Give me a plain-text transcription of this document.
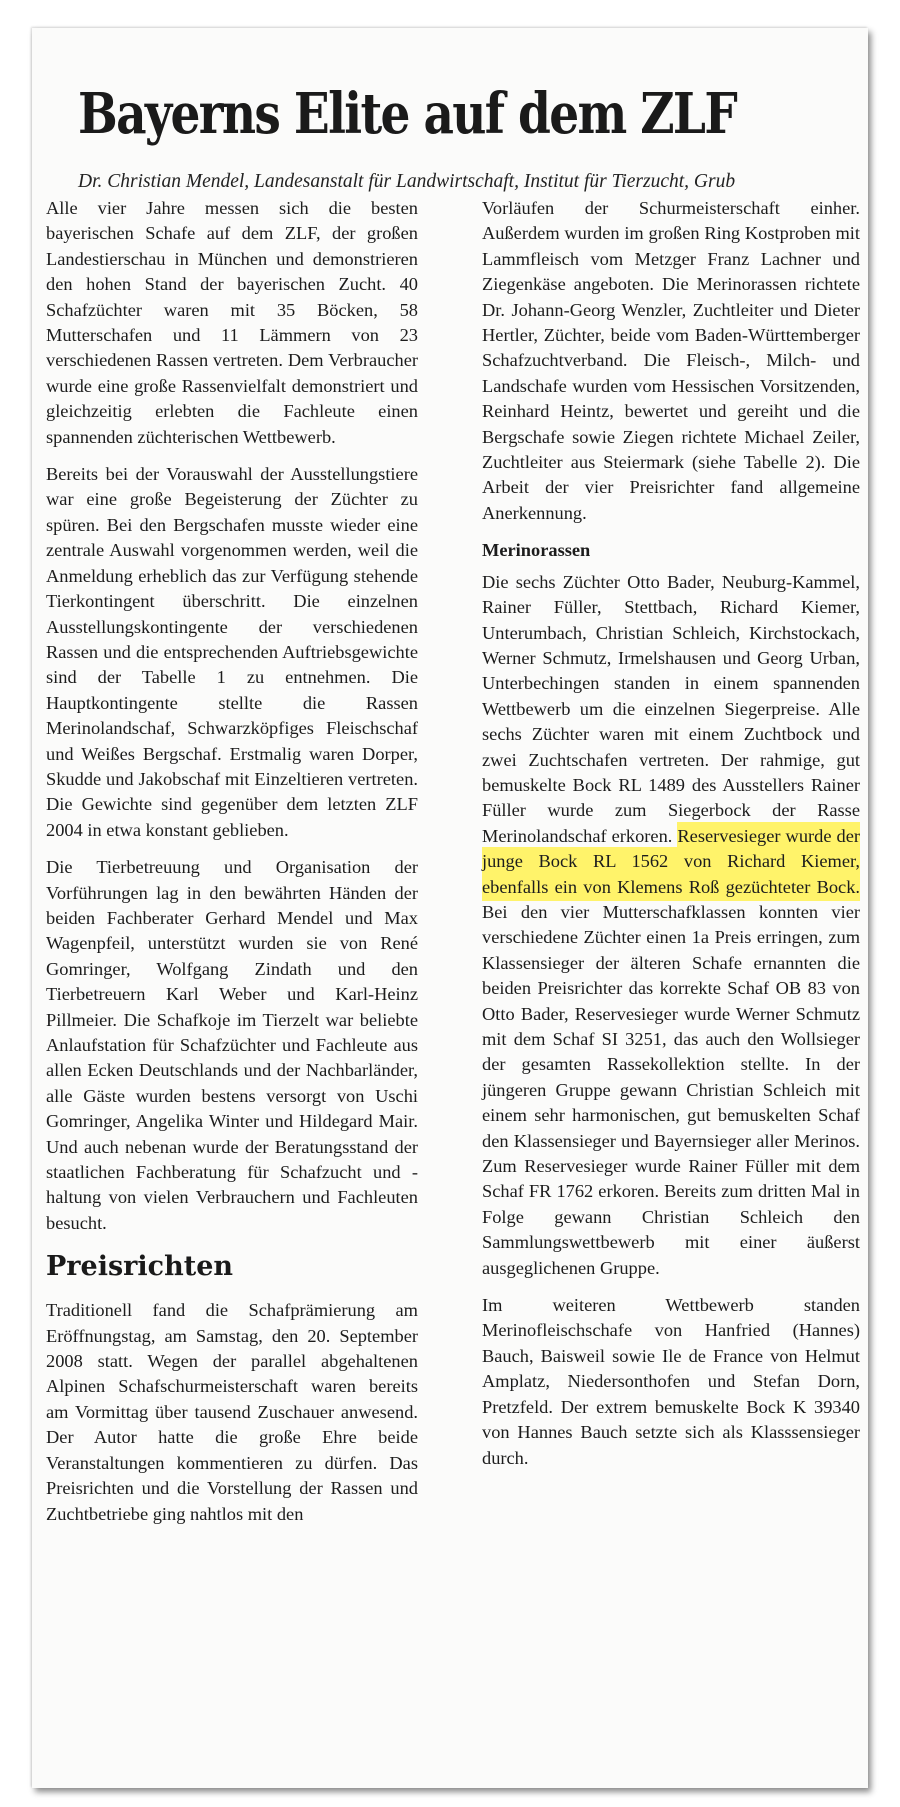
Bayerns Elite auf dem ZLF
Dr. Christian Mendel, Landesanstalt für Landwirtschaft, Institut für Tierzucht, Grub

Alle vier Jahre messen sich die besten bayerischen Schafe auf dem ZLF, der großen Landestierschau in München und demonstrieren den hohen Stand der bayerischen Zucht. 40 Schafzüchter waren mit 35 Böcken, 58 Mutterschafen und 11 Lämmern von 23 verschiedenen Rassen vertreten. Dem Verbraucher wurde eine große Rassenvielfalt demonstriert und gleichzeitig erlebten die Fachleute einen spannenden züchterischen Wettbewerb.

Bereits bei der Vorauswahl der Ausstellungstiere war eine große Begeisterung der Züchter zu spüren. Bei den Bergschafen musste wieder eine zentrale Auswahl vorgenommen werden, weil die Anmeldung erheblich das zur Verfügung stehende Tierkontingent überschritt. Die einzelnen Ausstellungskontingente der verschiedenen Rassen und die entsprechenden Auftriebsgewichte sind der Tabelle 1 zu entnehmen. Die Hauptkontingente stellte die Rassen Merinolandschaf, Schwarzköpfiges Fleischschaf und Weißes Bergschaf. Erstmalig waren Dorper, Skudde und Jakobschaf mit Einzeltieren vertreten. Die Gewichte sind gegenüber dem letzten ZLF 2004 in etwa konstant geblieben.

Die Tierbetreuung und Organisation der Vorführungen lag in den bewährten Händen der beiden Fachberater Gerhard Mendel und Max Wagenpfeil, unterstützt wurden sie von René Gomringer, Wolfgang Zindath und den Tierbetreuern Karl Weber und Karl-Heinz Pillmeier. Die Schafkoje im Tierzelt war beliebte Anlaufstation für Schafzüchter und Fachleute aus allen Ecken Deutschlands und der Nachbarländer, alle Gäste wurden bestens versorgt von Uschi Gomringer, Angelika Winter und Hildegard Mair. Und auch nebenan wurde der Beratungsstand der staatlichen Fachberatung für Schafzucht und -haltung von vielen Verbrauchern und Fachleuten besucht.

Preisrichten

Traditionell fand die Schafprämierung am Eröffnungstag, am Samstag, den 20. September 2008 statt. Wegen der parallel abgehaltenen Alpinen Schafschurmeisterschaft waren bereits am Vormittag über tausend Zuschauer anwesend. Der Autor hatte die große Ehre beide Veranstaltungen kommentieren zu dürfen. Das Preisrichten und die Vorstellung der Rassen und Zuchtbetriebe ging nahtlos mit den

Vorläufen der Schurmeisterschaft einher. Außerdem wurden im großen Ring Kostproben mit Lammfleisch vom Metzger Franz Lachner und Ziegenkäse angeboten. Die Merinorassen richtete Dr. Johann-Georg Wenzler, Zuchtleiter und Dieter Hertler, Züchter, beide vom Baden-Württemberger Schafzuchtverband. Die Fleisch-, Milch- und Landschafe wurden vom Hessischen Vorsitzenden, Reinhard Heintz, bewertet und gereiht und die Bergschafe sowie Ziegen richtete Michael Zeiler, Zuchtleiter aus Steiermark (siehe Tabelle 2). Die Arbeit der vier Preisrichter fand allgemeine Anerkennung.

Merinorassen

Die sechs Züchter Otto Bader, Neuburg-Kammel, Rainer Füller, Stettbach, Richard Kiemer, Unterumbach, Christian Schleich, Kirchstockach, Werner Schmutz, Irmelshausen und Georg Urban, Unterbechingen standen in einem spannenden Wettbewerb um die einzelnen Siegerpreise. Alle sechs Züchter waren mit einem Zuchtbock und zwei Zuchtschafen vertreten. Der rahmige, gut bemuskelte Bock RL 1489 des Ausstellers Rainer Füller wurde zum Siegerbock der Rasse Merinolandschaf erkoren. Reservesieger wurde der junge Bock RL 1562 von Richard Kiemer, ebenfalls ein von Klemens Roß gezüchteter Bock. Bei den vier Mutterschafklassen konnten vier verschiedene Züchter einen 1a Preis erringen, zum Klassensieger der älteren Schafe ernannten die beiden Preisrichter das korrekte Schaf OB 83 von Otto Bader, Reservesieger wurde Werner Schmutz mit dem Schaf SI 3251, das auch den Wollsieger der gesamten Rassekollektion stellte. In der jüngeren Gruppe gewann Christian Schleich mit einem sehr harmonischen, gut bemuskelten Schaf den Klassensieger und Bayernsieger aller Merinos. Zum Reservesieger wurde Rainer Füller mit dem Schaf FR 1762 erkoren. Bereits zum dritten Mal in Folge gewann Christian Schleich den Sammlungswettbewerb mit einer äußerst ausgeglichenen Gruppe.

Im weiteren Wettbewerb standen Merinofleischschafe von Hanfried (Hannes) Bauch, Baisweil sowie Ile de France von Helmut Amplatz, Niedersonthofen und Stefan Dorn, Pretzfeld. Der extrem bemuskelte Bock K 39340 von Hannes Bauch setzte sich als Klasssensieger durch.
